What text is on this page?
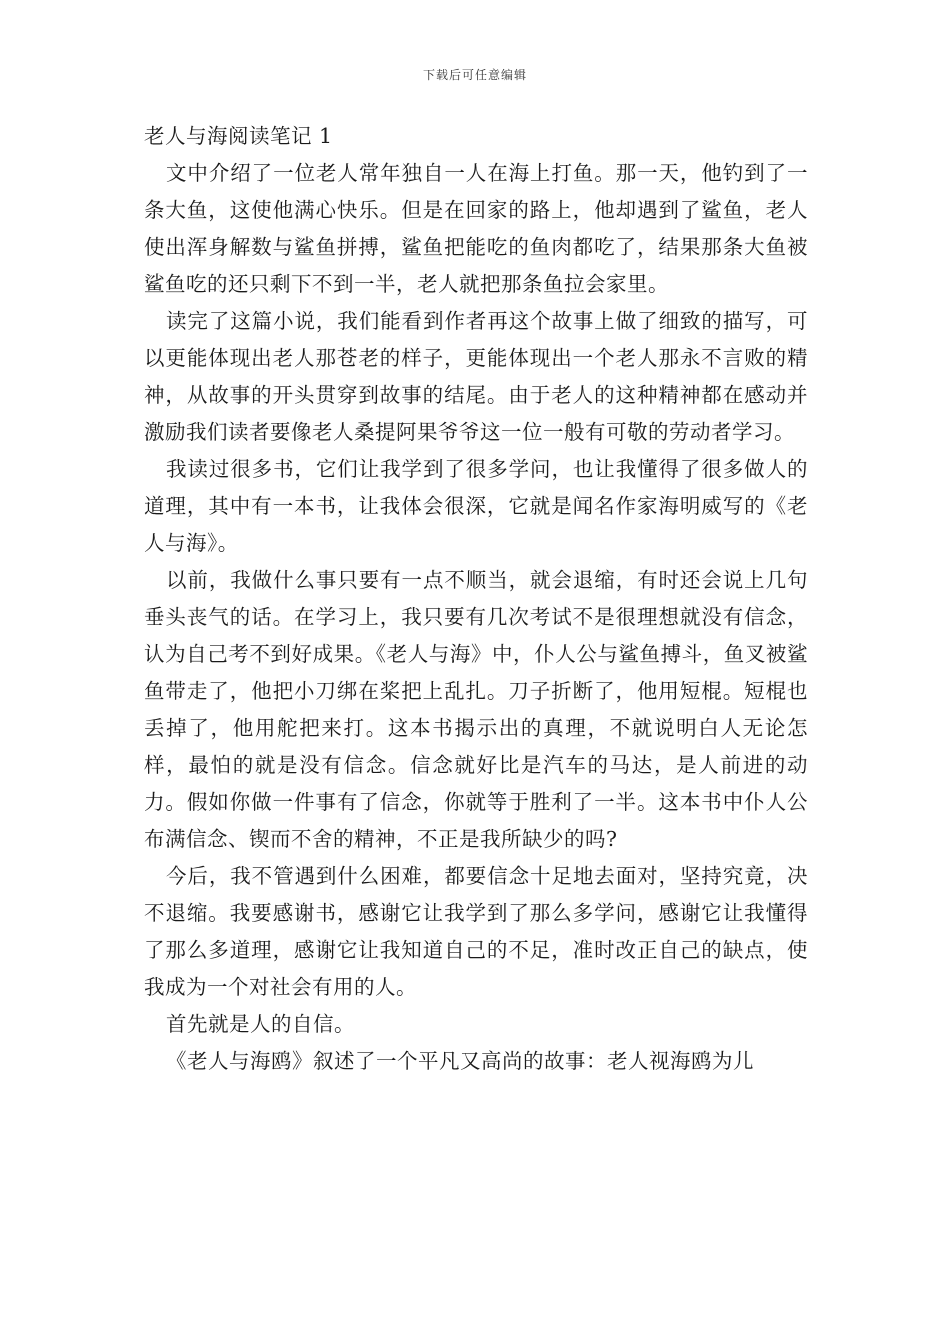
下载后可任意编辑
老人与海阅读笔记 1

文中介绍了一位老人常年独自一人在海上打鱼。那一天，他钓到了一条大鱼，这使他满心快乐。但是在回家的路上，他却遇到了鲨鱼，老人使出浑身解数与鲨鱼拼搏，鲨鱼把能吃的鱼肉都吃了，结果那条大鱼被鲨鱼吃的还只剩下不到一半，老人就把那条鱼拉会家里。

读完了这篇小说，我们能看到作者再这个故事上做了细致的描写，可以更能体现出老人那苍老的样子，更能体现出一个老人那永不言败的精神，从故事的开头贯穿到故事的结尾。由于老人的这种精神都在感动并激励我们读者要像老人桑提阿果爷爷这一位一般有可敬的劳动者学习。

我读过很多书，它们让我学到了很多学问，也让我懂得了很多做人的道理，其中有一本书，让我体会很深，它就是闻名作家海明威写的《老人与海》。

以前，我做什么事只要有一点不顺当，就会退缩，有时还会说上几句垂头丧气的话。在学习上，我只要有几次考试不是很理想就没有信念，认为自己考不到好成果。《老人与海》中，仆人公与鲨鱼搏斗，鱼叉被鲨鱼带走了，他把小刀绑在桨把上乱扎。刀子折断了，他用短棍。短棍也丢掉了，他用舵把来打。这本书揭示出的真理，不就说明白人无论怎样，最怕的就是没有信念。信念就好比是汽车的马达，是人前进的动力。假如你做一件事有了信念，你就等于胜利了一半。这本书中仆人公布满信念、锲而不舍的精神，不正是我所缺少的吗?

今后，我不管遇到什么困难，都要信念十足地去面对，坚持究竟，决不退缩。我要感谢书，感谢它让我学到了那么多学问，感谢它让我懂得了那么多道理，感谢它让我知道自己的不足，准时改正自己的缺点，使我成为一个对社会有用的人。

首先就是人的自信。

《老人与海鸥》叙述了一个平凡又高尚的故事：老人视海鸥为儿
